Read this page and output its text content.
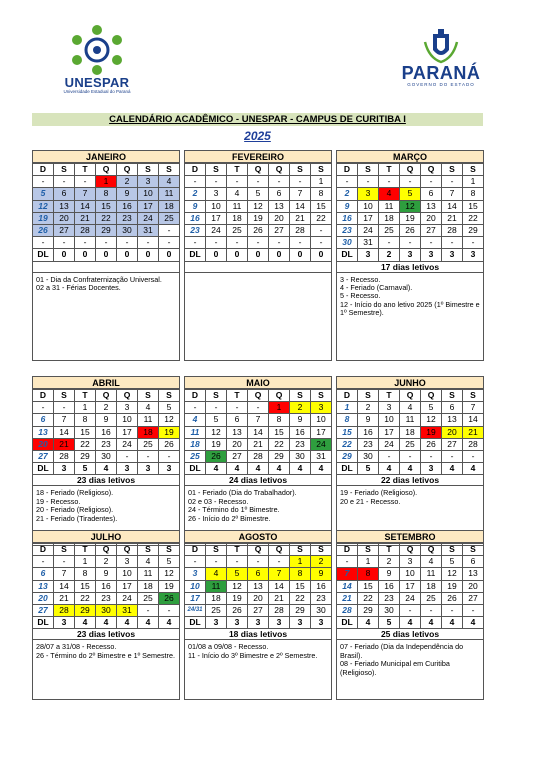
UNESPAR
Universidade Estadual do Paraná
PARANÁ
GOVERNO DO ESTADO
CALENDÁRIO ACADÊMICO - UNESPAR - CAMPUS DE CURITIBA I
2025
JANEIRO
D	S	T	Q	Q	S	S
-	-	-	1	2	3	4
5	6	7	8	9	10	11
12	13	14	15	16	17	18
19	20	21	22	23	24	25
26	27	28	29	30	31	-
-	-	-	-	-	-	-
DL	0	0	0	0	0	0
01 - Dia da Confraternização Universal.
02 a 31 - Férias Docentes.
FEVEREIRO
D	S	T	Q	Q	S	S
-	-	-	-	-	-	1
2	3	4	5	6	7	8
9	10	11	12	13	14	15
16	17	18	19	20	21	22
23	24	25	26	27	28	-
-	-	-	-	-	-	-
DL	0	0	0	0	0	0
MARÇO
D	S	T	Q	Q	S	S
-	-	-	-	-	-	1
2	3	4	5	6	7	8
9	10	11	12	13	14	15
16	17	18	19	20	21	22
23	24	25	26	27	28	29
30	31	-	-	-	-	-
DL	3	2	3	3	3	3
17 dias letivos
3 - Recesso.
4 - Feriado (Carnaval).
5 - Recesso.
12 - Início do ano letivo 2025 (1º Bimestre e 1º Semestre).
ABRIL
D	S	T	Q	Q	S	S
-	-	1	2	3	4	5
6	7	8	9	10	11	12
13	14	15	16	17	18	19
20	21	22	23	24	25	26
27	28	29	30	-	-	-
DL	3	5	4	3	3	3
23 dias letivos
18 - Feriado (Religioso).
19 - Recesso.
20 - Feriado (Religioso).
21 - Feriado (Tiradentes).
MAIO
D	S	T	Q	Q	S	S
-	-	-	-	1	2	3
4	5	6	7	8	9	10
11	12	13	14	15	16	17
18	19	20	21	22	23	24
25	26	27	28	29	30	31
DL	4	4	4	4	4	4
24 dias letivos
01 - Feriado (Dia do Trabalhador).
02 e 03 - Recesso.
24 - Término do 1º Bimestre.
26 - Início do 2º Bimestre.
JUNHO
D	S	T	Q	Q	S	S
1	2	3	4	5	6	7
8	9	10	11	12	13	14
15	16	17	18	19	20	21
22	23	24	25	26	27	28
29	30	-	-	-	-	-
DL	5	4	4	3	4	4
22 dias letivos
19 - Feriado (Religioso).
20 e 21 - Recesso.
JULHO
D	S	T	Q	Q	S	S
-	-	1	2	3	4	5
6	7	8	9	10	11	12
13	14	15	16	17	18	19
20	21	22	23	24	25	26
27	28	29	30	31	-	-
DL	3	4	4	4	4	4
23 dias letivos
28/07 a 31/08 - Recesso.
26 - Término do 2º Bimestre e 1º Semestre.
AGOSTO
D	S	T	Q	Q	S	S
-	-	-	-	-	1	2
3	4	5	6	7	8	9
10	11	12	13	14	15	16
17	18	19	20	21	22	23
24/31	25	26	27	28	29	30
DL	3	3	3	3	3	3
18 dias letivos
01/08 a 09/08 - Recesso.
11 - Início do 3º Bimestre e 2º Semestre.
SETEMBRO
D	S	T	Q	Q	S	S
-	1	2	3	4	5	6
7	8	9	10	11	12	13
14	15	16	17	18	19	20
21	22	23	24	25	26	27
28	29	30	-	-	-	-
DL	4	5	4	4	4	4
25 dias letivos
07 - Feriado (Dia da Independência do Brasil).
08 - Feriado Municipal em Curitiba (Religioso).
